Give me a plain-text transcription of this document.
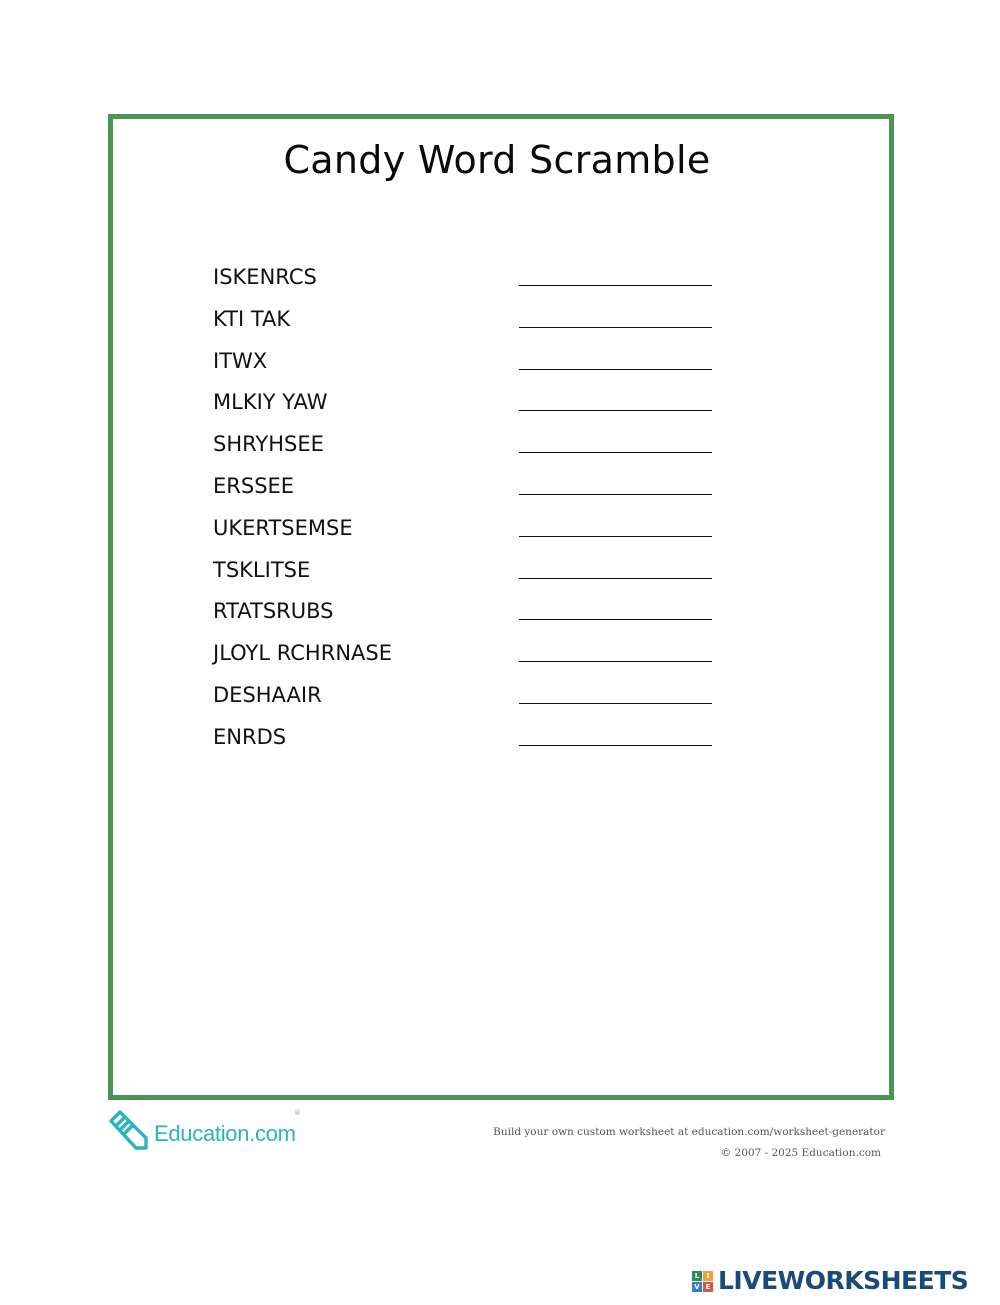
Candy Word Scramble
ISKENRCS
KTI TAK
ITWX
MLKIY YAW
SHRYHSEE
ERSSEE
UKERTSEMSE
TSKLITSE
RTATSRUBS
JLOYL RCHRNASE
DESHAAIR
ENRDS
Education.com
®
Build your own custom worksheet at education.com/worksheet-generator
© 2007 - 2025 Education.com
L	I
V E LIVEWORKSHEETS
